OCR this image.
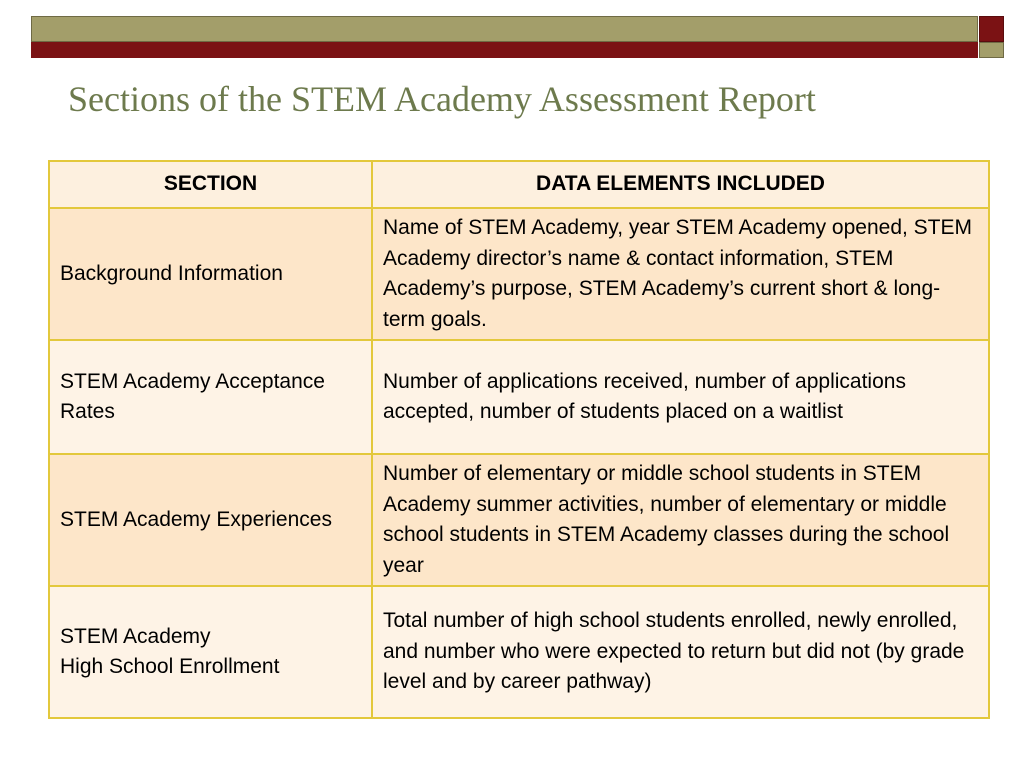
Sections of the STEM Academy Assessment Report
SECTION	DATA ELEMENTS INCLUDED
Background Information	Name of STEM Academy, year STEM Academy opened, STEM Academy director’s name & contact information, STEM Academy’s purpose, STEM Academy’s current short & long-term goals.
STEM Academy Acceptance Rates	Number of applications received, number of applications accepted, number of students placed on a waitlist
STEM Academy Experiences	Number of elementary or middle school students in STEM Academy summer activities, number of elementary or middle school students in STEM Academy classes during the school year

STEM Academy
High School Enrollment	Total number of high school students enrolled, newly enrolled, and number who were expected to return but did not (by grade level and by career pathway)
